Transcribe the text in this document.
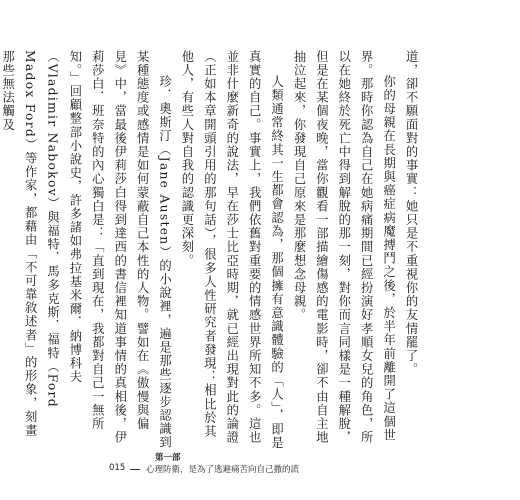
道，卻不願面對的事實：她只是不重視你的友情罷了。

你的母親在長期與癌症病魔搏鬥之後，於半年前離開了這個世界。那時你認為自己在她病痛期間已經扮演好孝順女兒的角色，所以在她終於死亡中得到解脫的那一刻，對你而言同樣是一種解脫，但是在某個夜晚，當你觀看一部描繪傷感的電影時，卻不由自主地抽泣起來，你發現自己原來是那麼想念母親。

人類通常終其一生都會認為，那個擁有意識體驗的「人」，即是真實的自己。事實上，我們依舊對重要的情感世界所知不多。這也並非什麼新奇的說法，早在莎士比亞時期，就已經出現對此的論證（正如本章開頭引用的那句話），很多人性研究者發現：相比於其他人，有些人對自我的認識更深刻。

珍．奧斯汀（Jane Austen）的小說裡，遍是那些逐步認識到某種態度或感情是如何蒙蔽自己本性的人物。譬如在《傲慢與偏見》中，當最後伊莉莎白得到達西的書信裡知道事情的真相後，伊莉莎白．班奈特的內心獨白是：「直到現在，我都對自己一無所知。」回顧整部小說史，許多諸如弗拉基米爾．納博科夫（Vladimir Nabokov）與福特．馬多克斯．福特（Ford Madox Ford）等作家，都藉由「不可靠敘述者」的形象，刻畫那些無法觸及

015
第一部
心理防衛，是為了逃避痛苦向自己撒的謊
